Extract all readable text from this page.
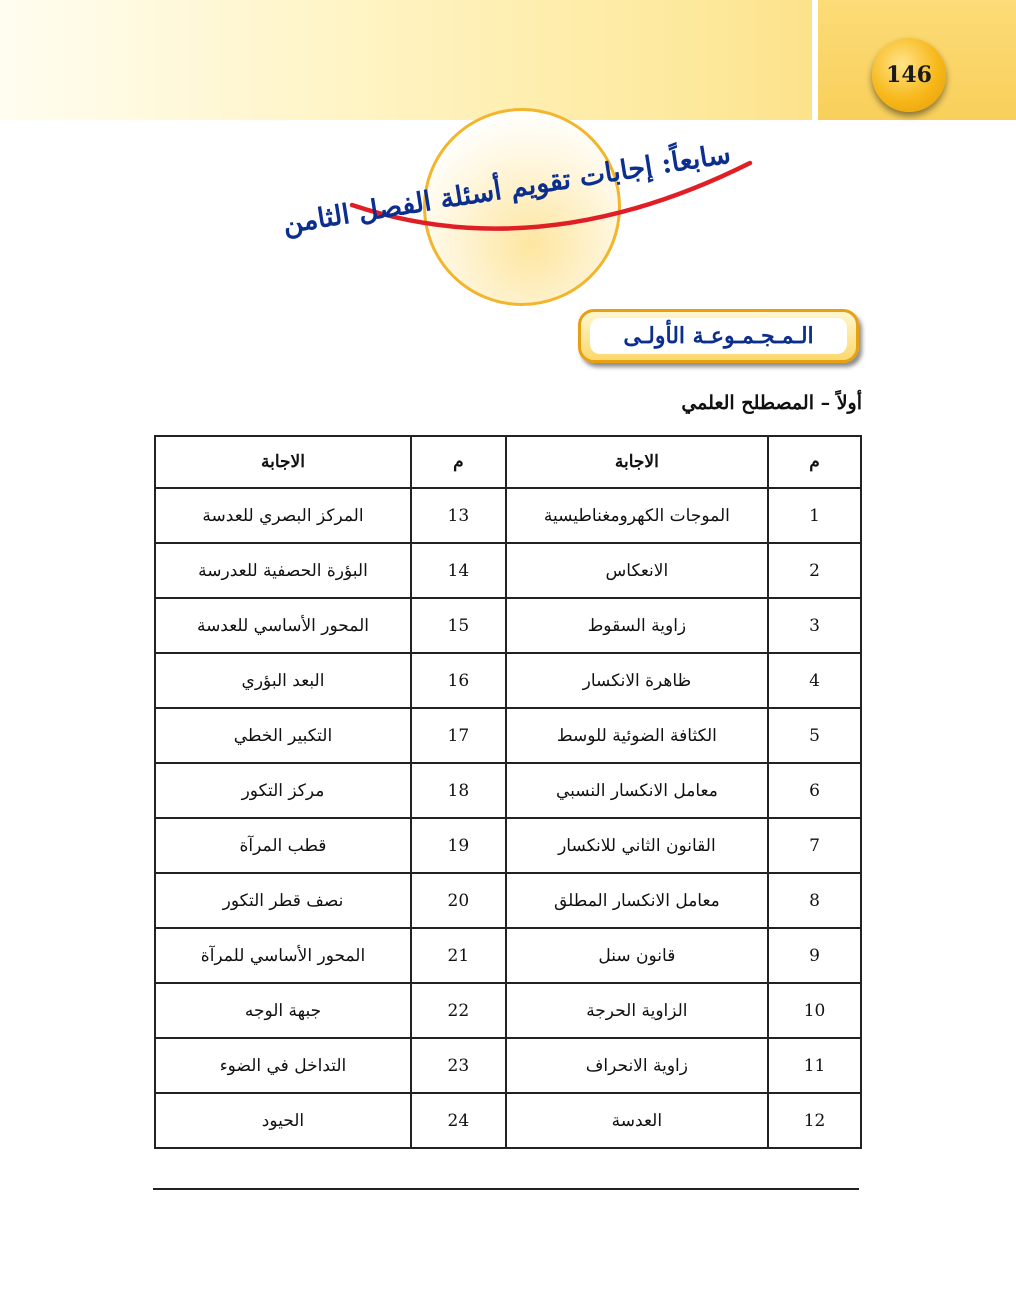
146
سابعاً: إجابات تقويم أسئلة الفصل الثامن
الـمـجـمـوعـة الأولـى
أولاً – المصطلح العلمي
م	الاجابة	م	الاجابة
1	الموجات الكهرومغناطيسية	13	المركز البصري للعدسة
2	الانعكاس	14	البؤرة الحصفية للعدرسة
3	زاوية السقوط	15	المحور الأساسي للعدسة
4	ظاهرة الانكسار	16	البعد البؤري
5	الكثافة الضوئية للوسط	17	التكبير الخطي
6	معامل الانكسار النسبي	18	مركز التكور
7	القانون الثاني للانكسار	19	قطب المرآة
8	معامل الانكسار المطلق	20	نصف قطر التكور
9	قانون سنل	21	المحور الأساسي للمرآة
10	الزاوية الحرجة	22	جبهة الوجه
11	زاوية الانحراف	23	التداخل في الضوء
12	العدسة	24	الحيود
